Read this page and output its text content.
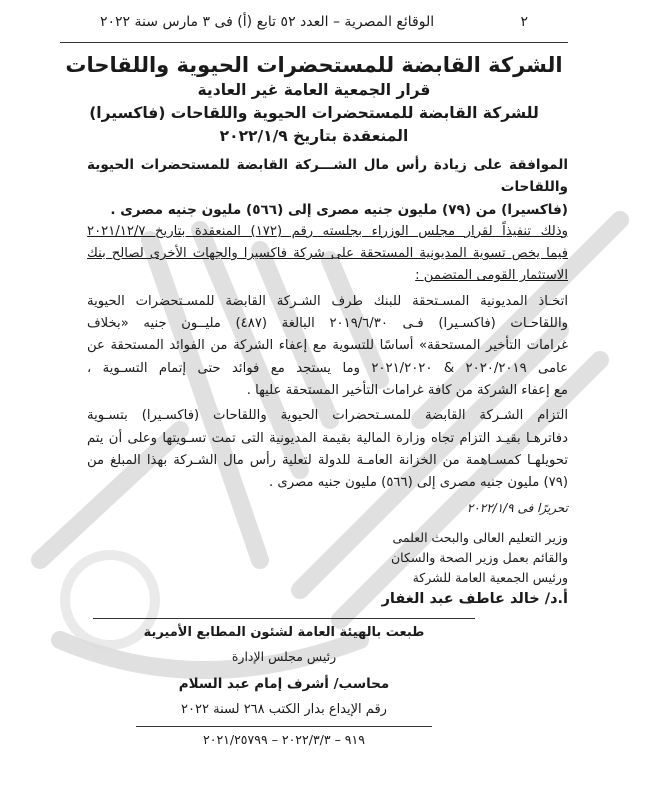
٢
الوقائع المصرية – العدد ٥٢ تابع (أ) فى ٣ مارس سنة ٢٠٢٢
الشركة القابضة للمستحضرات الحيوية واللقاحات
قرار الجمعية العامة غير العادية
للشركة القابضة للمستحضرات الحيوية واللقاحات (فاكسيرا)
المنعقدة بتاريخ ٢٠٢٢/١/٩
الموافقة على زيادة رأس مال الشـــركة القابضة للمستحضرات الحيوية واللقاحات
(فاكسيرا) من (٧٩) مليون جنيه مصرى إلى (٥٦٦) مليون جنيه مصرى .
وذلك تنفيذاً لقرار مجلس الوزراء بجلسته رقم (١٧٢) المنعقدة بتاريخ ٢٠٢١/١٢/٧
فيما يخص تسوية المديونية المستحقة على شركة فاكسيرا والجهات الأخرى لصالح بنك
الاستثمار القومى المتضمن :
اتخـاذ المديونية المسـتحقة للبنك طرف الشـركة القابضة للمسـتحضرات الحيوية
واللقاحـات (فاكسـيرا) فـى ٢٠١٩/٦/٣٠ البالغة (٤٨٧) مليــون جنيه «بخلاف
غرامات التأخير المستحقة» أساسًا للتسوية مع إعفاء الشركة من الفوائد المستحقة عن
عامى ٢٠٢٠/٢٠١٩ & ٢٠٢١/٢٠٢٠ وما يستجد مع فوائد حتى إتمام التسـوية ،
مع إعفاء الشركة من كافة غرامات التأخير المستحقة عليها .
التزام الشـركة القابضة للمسـتحضرات الحيوية واللقاحات (فاكسـيرا) بتسـوية
دفاترهـا بقيـد التزام تجاه وزارة المالية بقيمة المديونية التى تمت تسـويتها وعلى أن يتم
تحويلهـا كمسـاهمة من الخزانة العامـة للدولة لتعلية رأس مال الشـركة بهذا المبلغ من
(٧٩) مليون جنيه مصرى إلى (٥٦٦) مليون جنيه مصرى .
تحريرًا فى ٢٠٢٢/١/٩
وزير التعليم العالى والبحث العلمى
والقائم بعمل وزير الصحة والسكان
ورئيس الجمعية العامة للشركة
أ.د/ خالد عاطف عبد الغفار
طبعت بالهيئة العامة لشئون المطابع الأميرية
رئيس مجلس الإدارة
محاسب/ أشرف إمام عبد السلام
رقم الإيداع بدار الكتب ٢٦٨ لسنة ٢٠٢٢
٩١٩ – ٢٠٢٢/٣/٣ – ٢٠٢١/٢٥٧٩٩
